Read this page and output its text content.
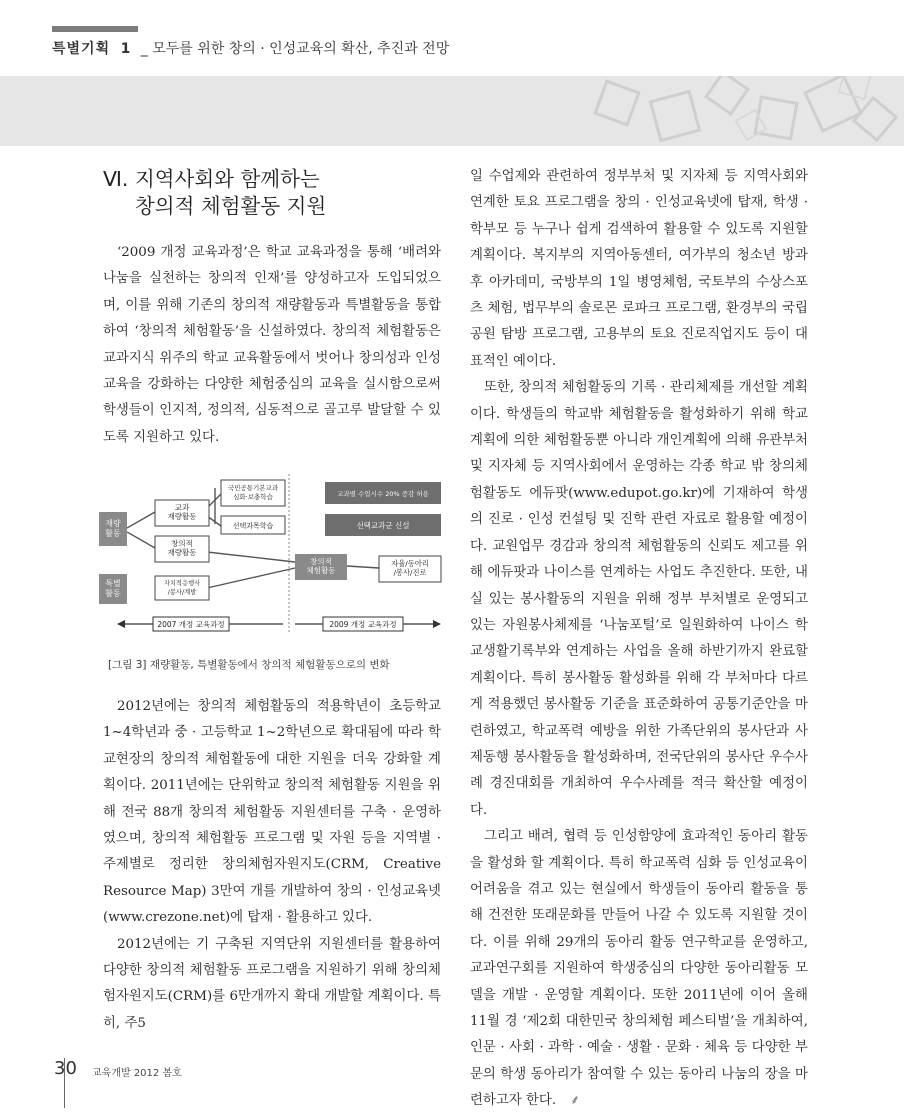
특별기획 1 _ 모두를 위한 창의 · 인성교육의 확산, 추진과 전망
Ⅵ. 지역사회와 함께하는
창의적 체험활동 지원

‘2009 개정 교육과정’은 학교 교육과정을 통해 ‘배려와 나눔을 실천하는 창의적 인재’를 양성하고자 도입되었으며, 이를 위해 기존의 창의적 재량활동과 특별활동을 통합하여 ‘창의적 체험활동’을 신설하였다. 창의적 체험활동은 교과지식 위주의 학교 교육활동에서 벗어나 창의성과 인성교육을 강화하는 다양한 체험중심의 교육을 실시함으로써 학생들이 인지적, 정의적, 심동적으로 골고루 발달할 수 있도록 지원하고 있다.

재량 활동
특별 활동
교과 재량활동
국민공통기본교과 심화·보충학습
선택과목학습
창의적 재량활동
자치적응행사 /봉사/계발
교과별 수업시수 20% 증감 허용
선택교과군 신설
창의적 체험활동
자율/동아리 /봉사/진로
2007 개정 교육과정	2009 개정 교육과정
[그림 3] 재량활동, 특별활동에서 창의적 체험활동으로의 변화

2012년에는 창의적 체험활동의 적용학년이 초등학교 1~4학년과 중 · 고등학교 1~2학년으로 확대됨에 따라 학교현장의 창의적 체험활동에 대한 지원을 더욱 강화할 계획이다. 2011년에는 단위학교 창의적 체험활동 지원을 위해 전국 88개 창의적 체험활동 지원센터를 구축 · 운영하였으며, 창의적 체험활동 프로그램 및 자원 등을 지역별 · 주제별로 정리한 창의체험자원지도(CRM, Creative Resource Map) 3만여 개를 개발하여 창의 · 인성교육넷(www.crezone.net)에 탑재 · 활용하고 있다.

2012년에는 기 구축된 지역단위 지원센터를 활용하여 다양한 창의적 체험활동 프로그램을 지원하기 위해 창의체험자원지도(CRM)를 6만개까지 확대 개발할 계획이다. 특히, 주5

일 수업제와 관련하여 정부부처 및 지자체 등 지역사회와 연계한 토요 프로그램을 창의 · 인성교육넷에 탑재, 학생 · 학부모 등 누구나 쉽게 검색하여 활용할 수 있도록 지원할 계획이다. 복지부의 지역아동센터, 여가부의 청소년 방과후 아카데미, 국방부의 1일 병영체험, 국토부의 수상스포츠 체험, 법무부의 솔로몬 로파크 프로그램, 환경부의 국립공원 탐방 프로그램, 고용부의 토요 진로직업지도 등이 대표적인 예이다.

또한, 창의적 체험활동의 기록 · 관리체제를 개선할 계획이다. 학생들의 학교밖 체험활동을 활성화하기 위해 학교계획에 의한 체험활동뿐 아니라 개인계획에 의해 유관부처 및 지자체 등 지역사회에서 운영하는 각종 학교 밖 창의체험활동도 에듀팟(www.edupot.go.kr)에 기재하여 학생의 진로 · 인성 컨설팅 및 진학 관련 자료로 활용할 예정이다. 교원업무 경감과 창의적 체험활동의 신뢰도 제고를 위해 에듀팟과 나이스를 연계하는 사업도 추진한다. 또한, 내실 있는 봉사활동의 지원을 위해 정부 부처별로 운영되고 있는 자원봉사체제를 ‘나눔포털’로 일원화하여 나이스 학교생활기록부와 연계하는 사업을 올해 하반기까지 완료할 계획이다. 특히 봉사활동 활성화를 위해 각 부처마다 다르게 적용했던 봉사활동 기준을 표준화하여 공통기준안을 마련하였고, 학교폭력 예방을 위한 가족단위의 봉사단과 사제동행 봉사활동을 활성화하며, 전국단위의 봉사단 우수사례 경진대회를 개최하여 우수사례를 적극 확산할 예정이다.

그리고 배려, 협력 등 인성함양에 효과적인 동아리 활동을 활성화 할 계획이다. 특히 학교폭력 심화 등 인성교육이 어려움을 겪고 있는 현실에서 학생들이 동아리 활동을 통해 건전한 또래문화를 만들어 나갈 수 있도록 지원할 것이다. 이를 위해 29개의 동아리 활동 연구학교를 운영하고, 교과연구회를 지원하여 학생중심의 다양한 동아리활동 모델을 개발 · 운영할 계획이다. 또한 2011년에 이어 올해 11월 경 ‘제2회 대한민국 창의체험 페스티벌’을 개최하여, 인문 · 사회 · 과학 · 예술 · 생활 · 문화 · 체육 등 다양한 부문의 학생 동아리가 참여할 수 있는 동아리 나눔의 장을 마련하고자 한다. ⸙

30 교육개발 2012 봄호
